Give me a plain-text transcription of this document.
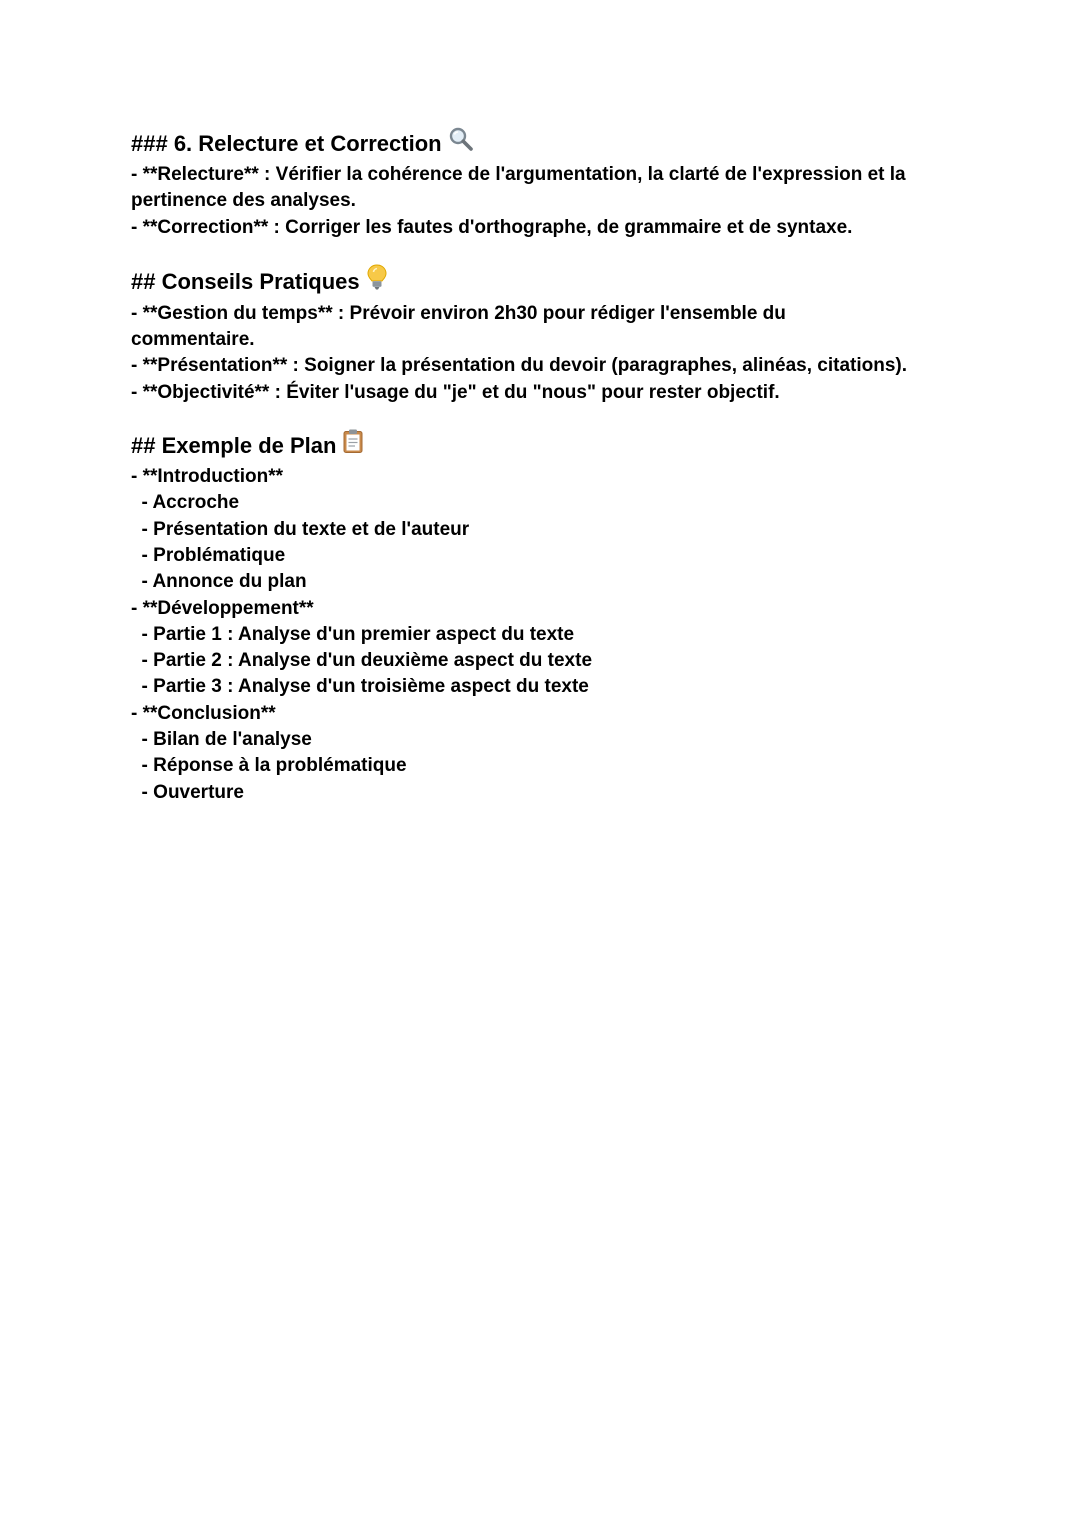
### 6. Relecture et Correction
- **Relecture** : Vérifier la cohérence de l'argumentation, la clarté de l'expression et la
pertinence des analyses.
- **Correction** : Corriger les fautes d'orthographe, de grammaire et de syntaxe.
## Conseils Pratiques
- **Gestion du temps** : Prévoir environ 2h30 pour rédiger l'ensemble du
commentaire.
- **Présentation** : Soigner la présentation du devoir (paragraphes, alinéas, citations).
- **Objectivité** : Éviter l'usage du "je" et du "nous" pour rester objectif.
## Exemple de Plan
- **Introduction**
- Accroche
- Présentation du texte et de l'auteur
- Problématique
- Annonce du plan
- **Développement**
- Partie 1 : Analyse d'un premier aspect du texte
- Partie 2 : Analyse d'un deuxième aspect du texte
- Partie 3 : Analyse d'un troisième aspect du texte
- **Conclusion**
- Bilan de l'analyse
- Réponse à la problématique
- Ouverture
